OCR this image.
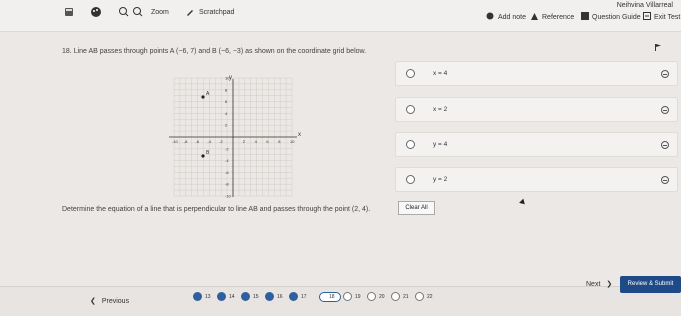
Zoom	Scratchpad
Neihvina Villarreal
Add note Reference	Question Guide Exit Test
18. Line AB passes through points A (−6, 7) and B (−6, −3) as shown on the coordinate grid below.
x
y
-10 -8 -6 -4 -2	2 4 6 8 10
10
8
6
4
2
-2
-4
-6
-8
-10
A
B
x = 4
x = 2
y = 4
y = 2
Determine the equation of a line that is perpendicular to line AB and passes through the point (2, 4).	Clear All
❮ Previous
13	14	15	16	17	18	19	20	21	22
Next ❯	Review & Submit
